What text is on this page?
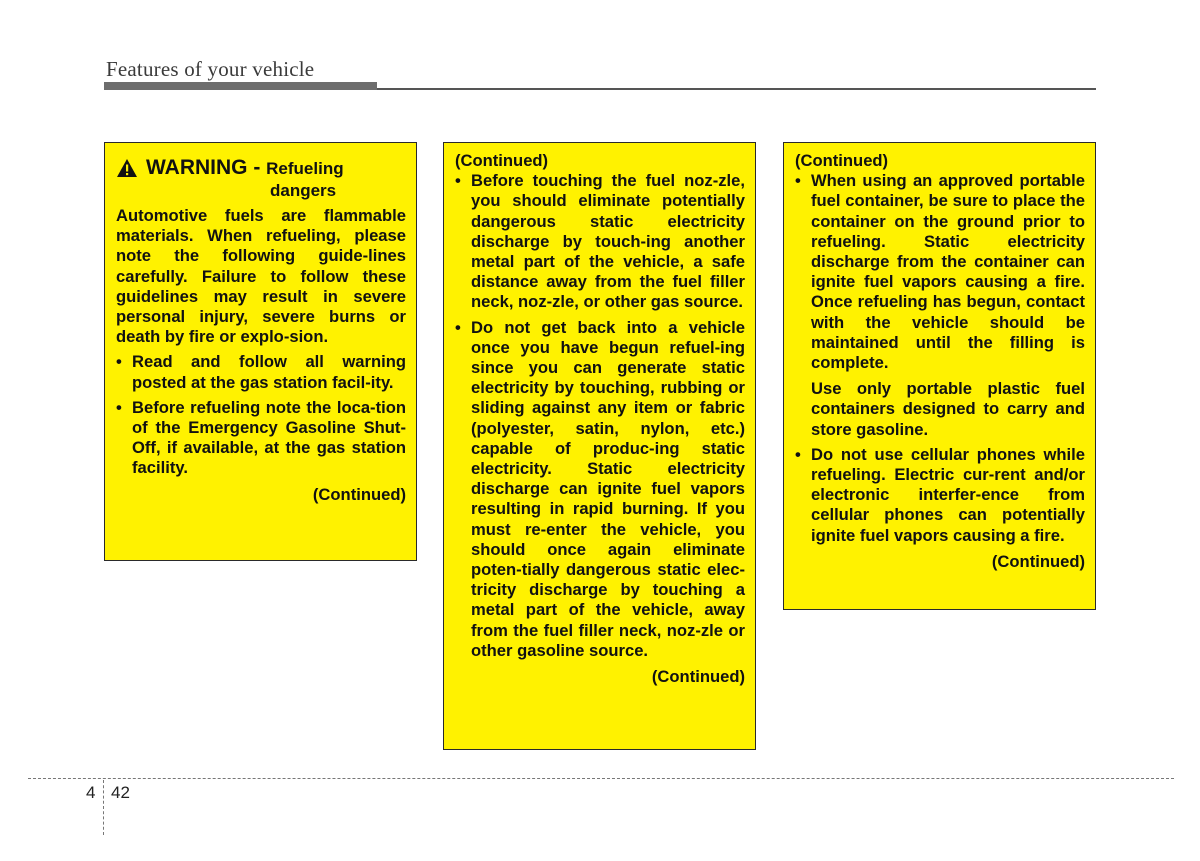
Features of your vehicle
WARNING - Refueling
dangers

Automotive fuels are flammable materials. When refueling, please note the following guide-lines carefully. Failure to follow these guidelines may result in severe personal injury, severe burns or death by fire or explo-sion.

• Read and follow all warning posted at the gas station facil-ity.
• Before refueling note the loca-tion of the Emergency Gasoline Shut-Off, if available, at the gas station facility.

(Continued)

(Continued)

• Before touching the fuel noz-zle, you should eliminate potentially dangerous static electricity discharge by touch-ing another metal part of the vehicle, a safe distance away from the fuel filler neck, noz-zle, or other gas source.
• Do not get back into a vehicle once you have begun refuel-ing since you can generate static electricity by touching, rubbing or sliding against any item or fabric (polyester, satin, nylon, etc.) capable of produc-ing static electricity. Static electricity discharge can ignite fuel vapors resulting in rapid burning. If you must re-enter the vehicle, you should once again eliminate poten-tially dangerous static elec-tricity discharge by touching a metal part of the vehicle, away from the fuel filler neck, noz-zle or other gasoline source.

(Continued)

(Continued)

• When using an approved portable fuel container, be sure to place the container on the ground prior to refueling. Static electricity discharge from the container can ignite fuel vapors causing a fire. Once refueling has begun, contact with the vehicle should be maintained until the filling is complete.
Use only portable plastic fuel containers designed to carry and store gasoline.
• Do not use cellular phones while refueling. Electric cur-rent and/or electronic interfer-ence from cellular phones can potentially ignite fuel vapors causing a fire.

(Continued)

4 42
